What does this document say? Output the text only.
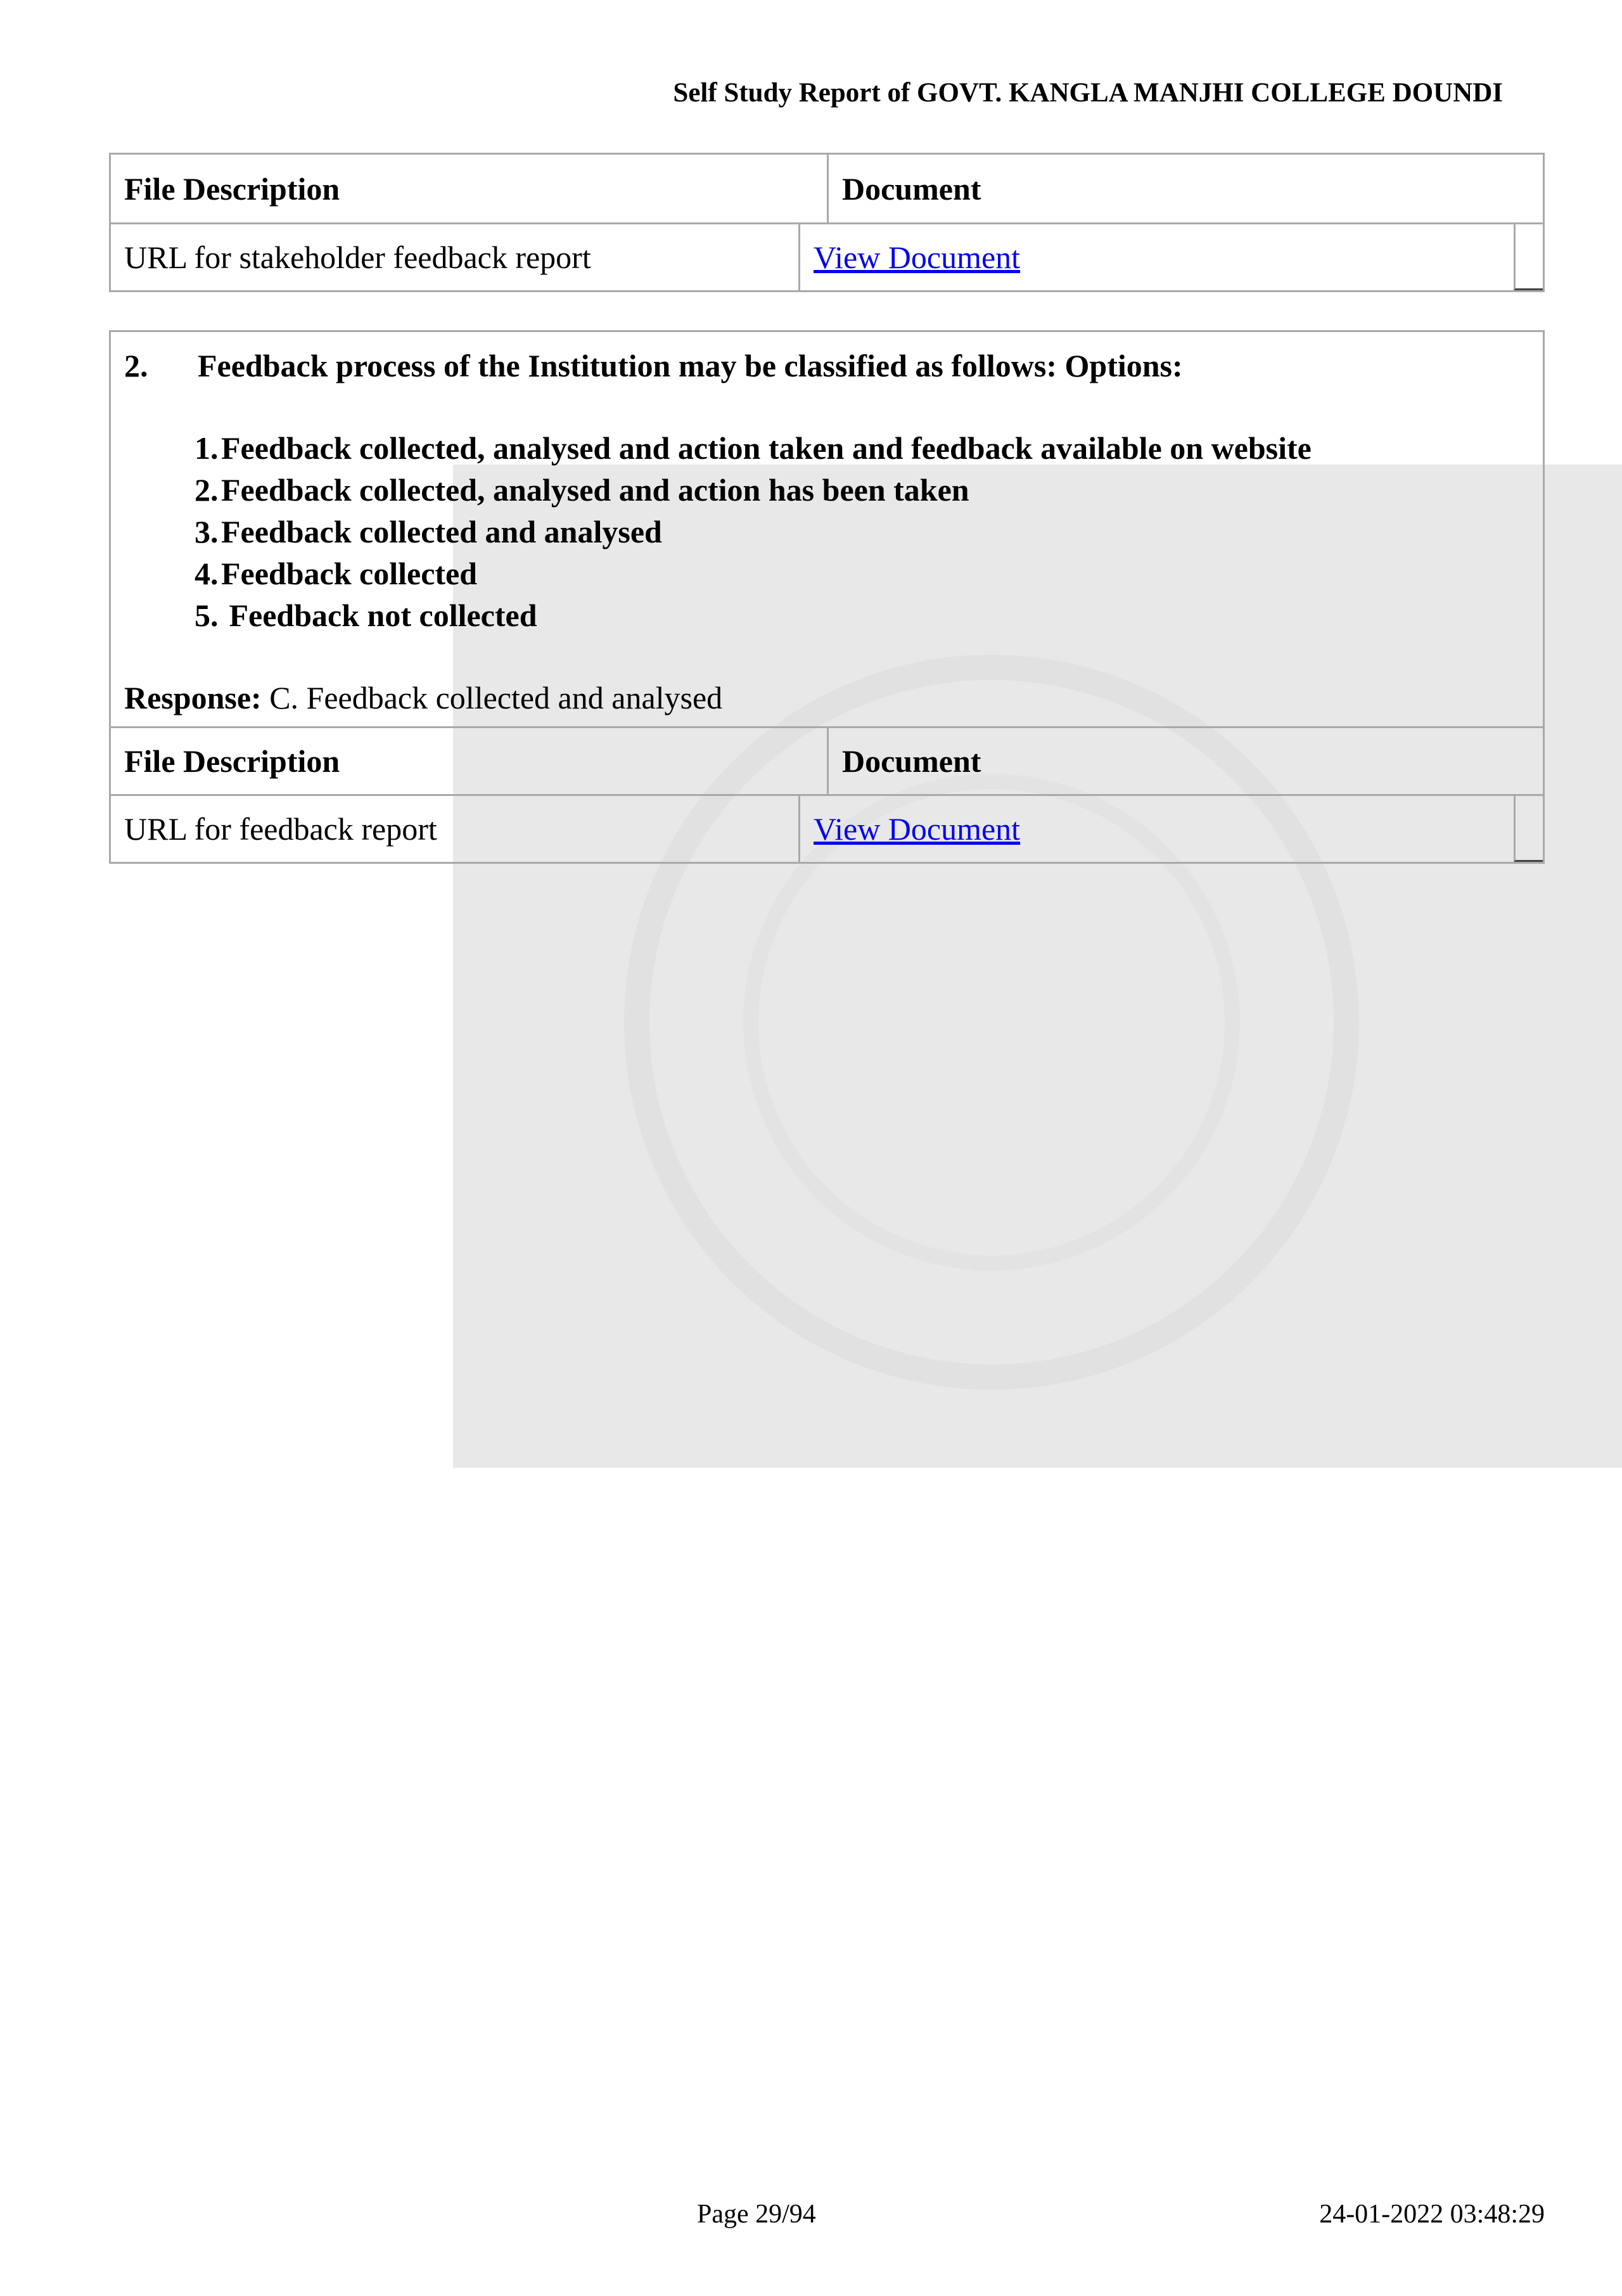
Self Study Report of GOVT. KANGLA MANJHI COLLEGE DOUNDI
File Description	Document
URL for stakeholder feedback report	View Document
2. Feedback process of the Institution may be classified as follows: Options:
1.Feedback collected, analysed and action taken and feedback available on website
2.Feedback collected, analysed and action has been taken
3.Feedback collected and analysed
4.Feedback collected
5. Feedback not collected
Response: C. Feedback collected and analysed
File Description	Document
URL for feedback report	View Document
Page 29/94	24-01-2022 03:48:29
